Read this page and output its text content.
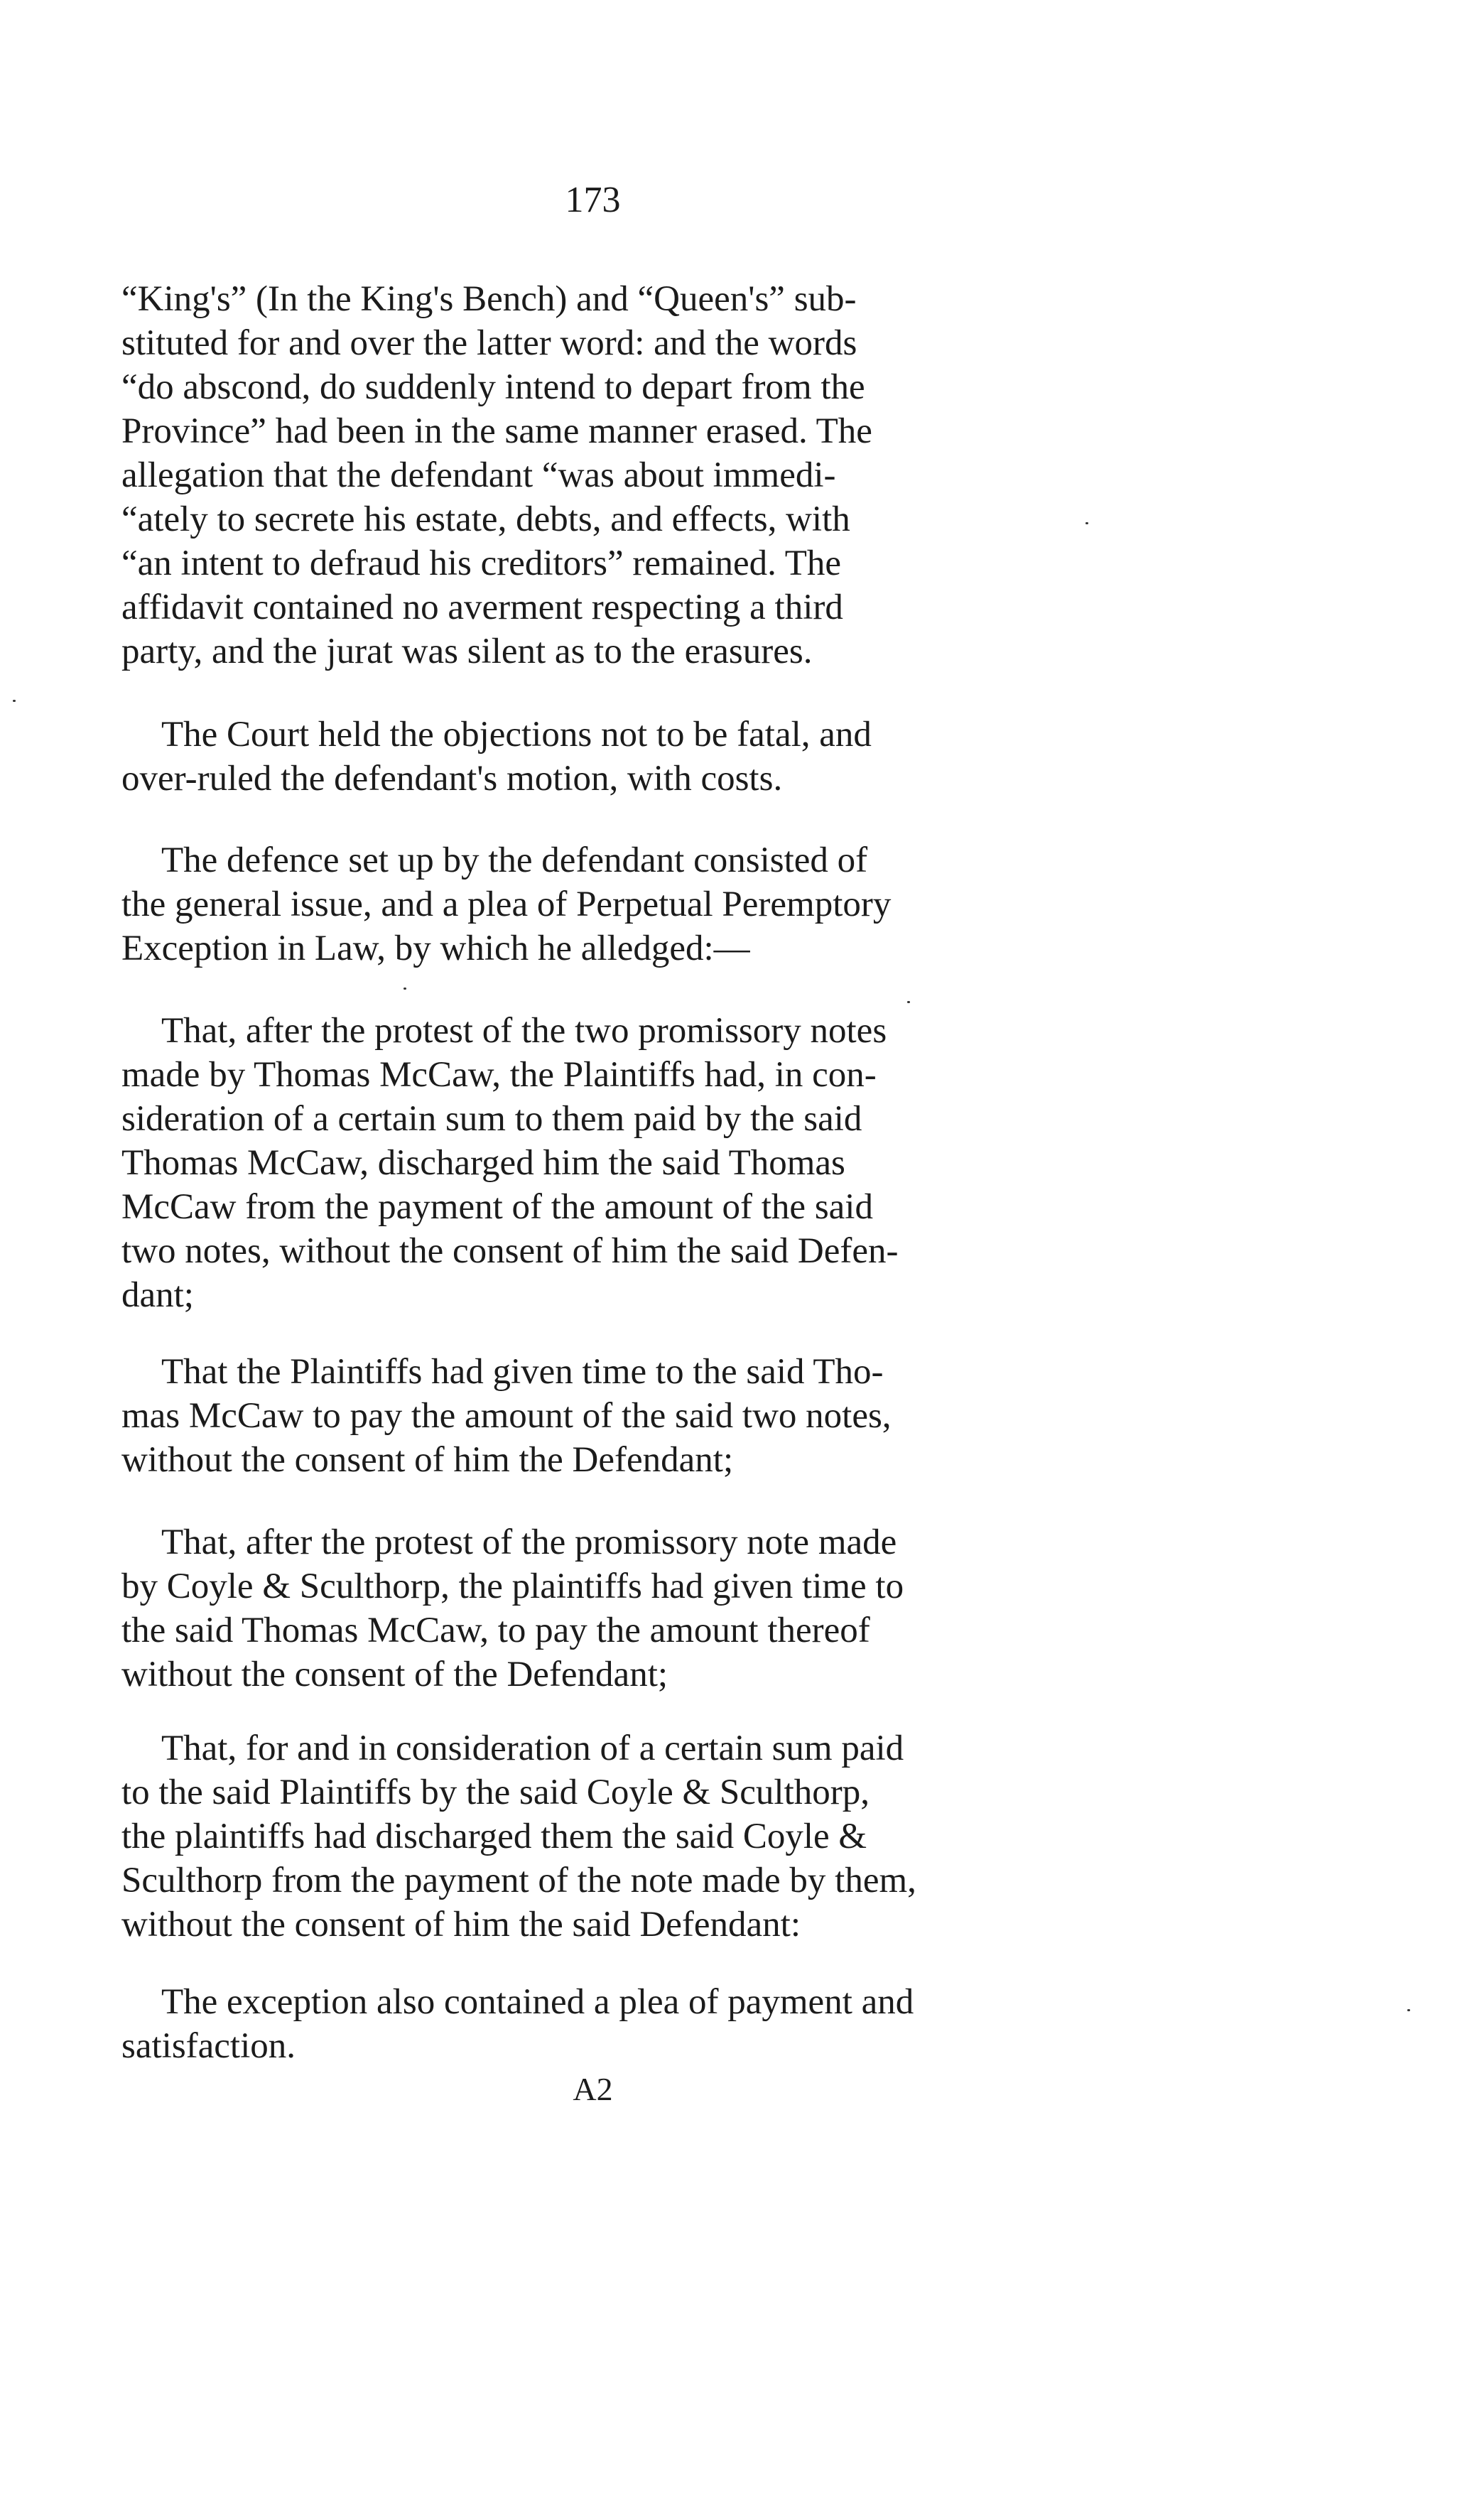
173

“King's” (In the King's Bench) and “Queen's” sub-
stituted for and over the latter word: and the words
“do abscond, do suddenly intend to depart from the
Province” had been in the same manner erased. The
allegation that the defendant “was about immedi-
“ately to secrete his estate, debts, and effects, with
“an intent to defraud his creditors” remained. The
affidavit contained no averment respecting a third
party, and the jurat was silent as to the erasures.

The Court held the objections not to be fatal, and
over-ruled the defendant's motion, with costs.

The defence set up by the defendant consisted of
the general issue, and a plea of Perpetual Peremptory
Exception in Law, by which he alledged:—

That, after the protest of the two promissory notes
made by Thomas McCaw, the Plaintiffs had, in con-
sideration of a certain sum to them paid by the said
Thomas McCaw, discharged him the said Thomas
McCaw from the payment of the amount of the said
two notes, without the consent of him the said Defen-
dant;

That the Plaintiffs had given time to the said Tho-
mas McCaw to pay the amount of the said two notes,
without the consent of him the Defendant;

That, after the protest of the promissory note made
by Coyle & Sculthorp, the plaintiffs had given time to
the said Thomas McCaw, to pay the amount thereof
without the consent of the Defendant;

That, for and in consideration of a certain sum paid
to the said Plaintiffs by the said Coyle & Sculthorp,
the plaintiffs had discharged them the said Coyle &
Sculthorp from the payment of the note made by them,
without the consent of him the said Defendant:

The exception also contained a plea of payment and
satisfaction.

A2
